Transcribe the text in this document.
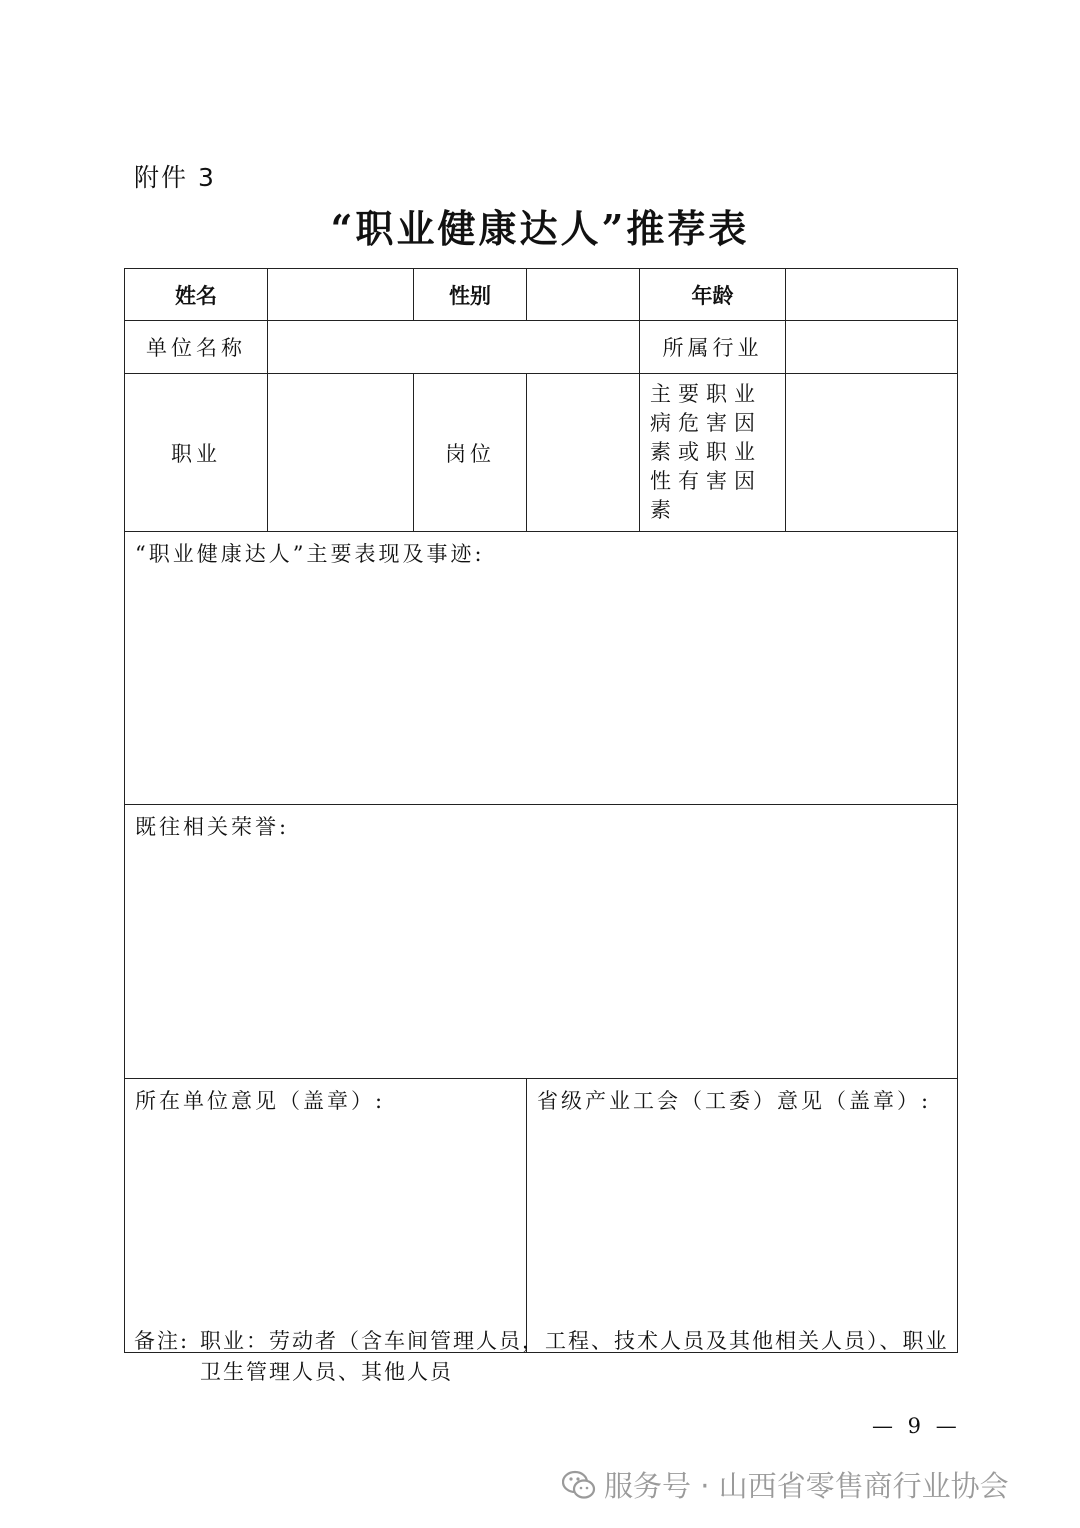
附件 3
“职业健康达人”推荐表
姓名		性别		年龄	
单位名称				所属行业	
职业		岗位		主要职业病危害因素或职业性有害因素	
“职业健康达人”主要表现及事迹:					
既往相关荣誉:					
所在单位意见（盖章）:			省级产业工会（工委）意见（盖章）:		
备注: 职业：劳动者（含车间管理人员，工程、技术人员及其他相关人员）、职业卫生管理人员、其他人员
— 9 —
服务号 · 山西省零售商行业协会
